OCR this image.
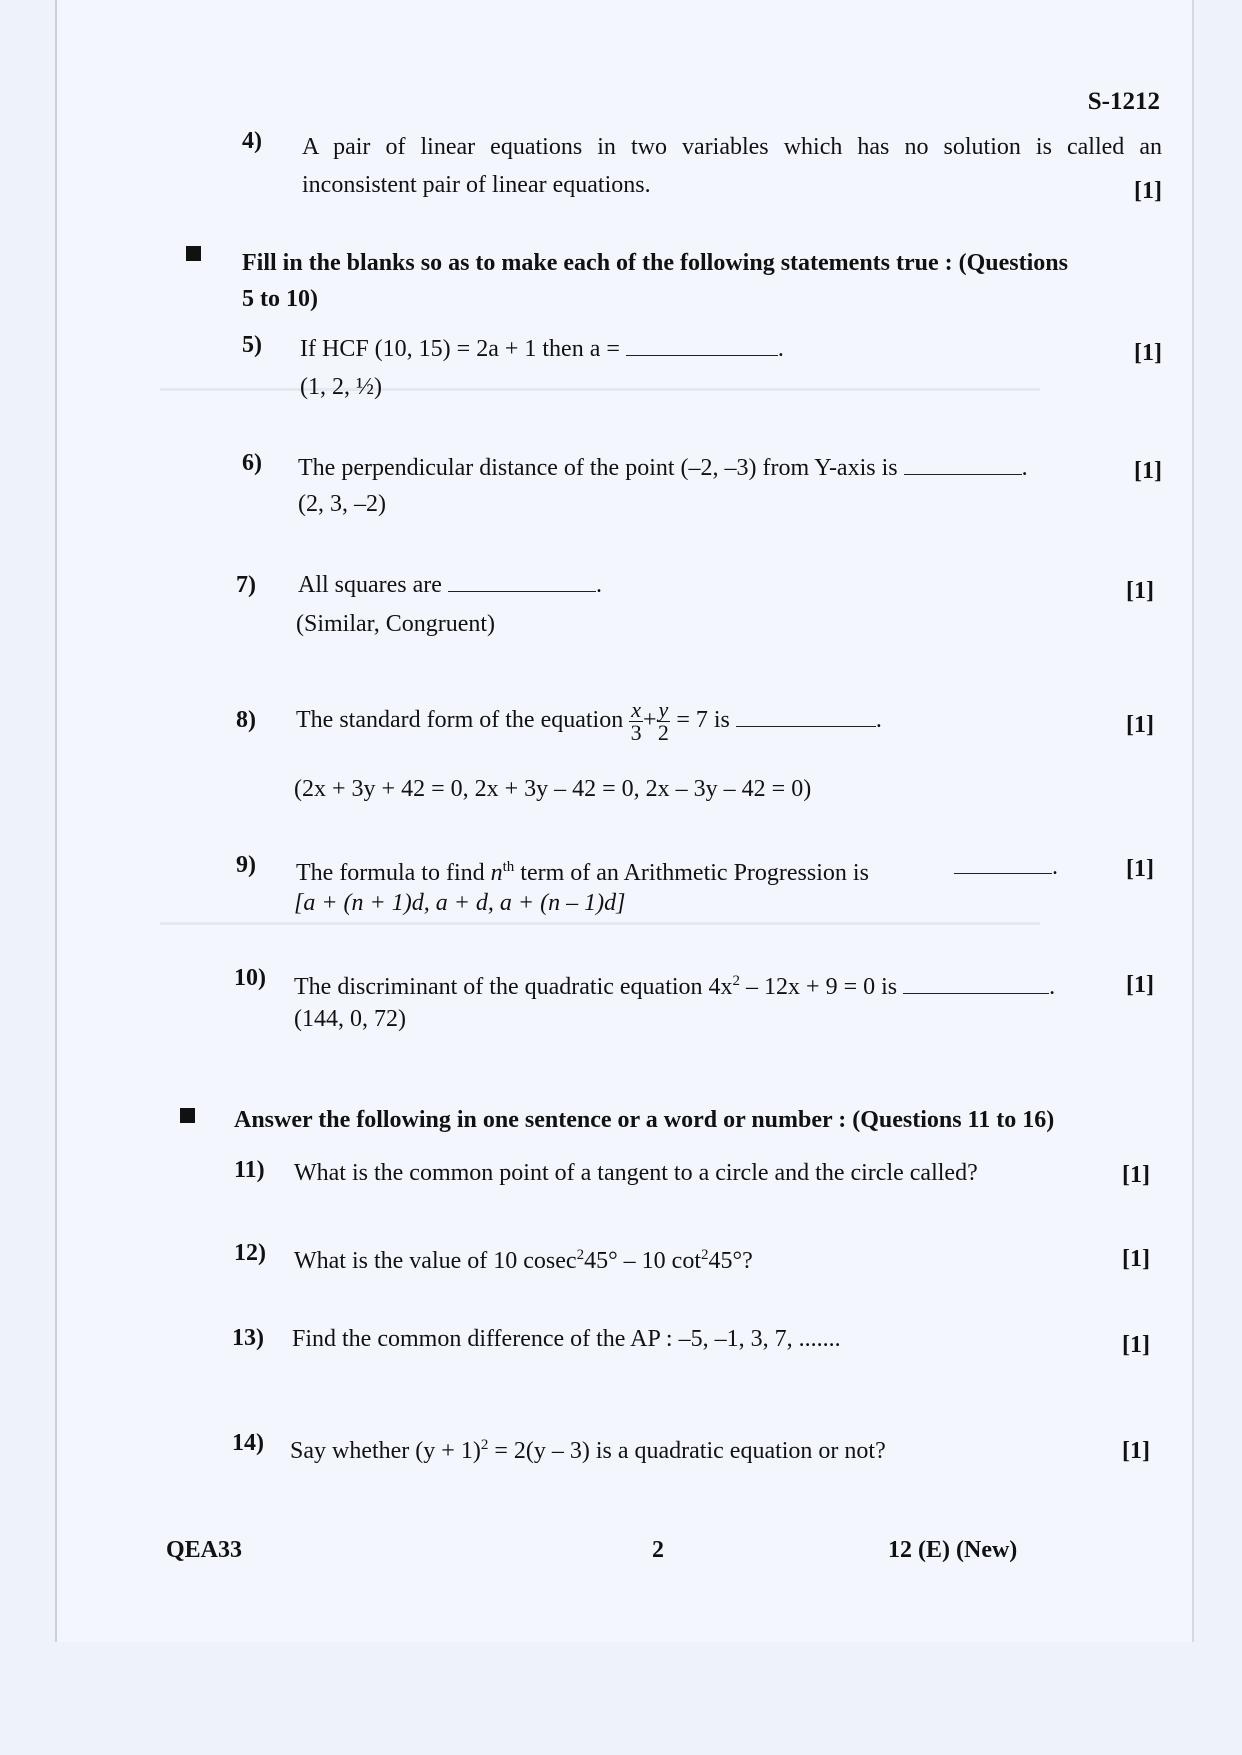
S-1212
4) A pair of linear equations in two variables which has no solution is called an
inconsistent pair of linear equations.	[1]
Fill in the blanks so as to make each of the following statements true : (Questions
5 to 10)
5) If HCF (10, 15) = 2a + 1 then a =	.
(1, 2, ½)
[1]
6) The perpendicular distance of the point (–2, –3) from Y-axis is	.
(2, 3, –2)
[1]
7) All squares are	.
(Similar, Congruent)
[1]
8) The standard form of the equation $\frac{x}{3} + \frac{y}{2} = 7$ is	.
(2x + 3y + 42 = 0, 2x + 3y – 42 = 0, 2x – 3y – 42 = 0)
[1]
9) The formula to find $n^{th}$ term of an Arithmetic Progression is	.
[a + (n + 1)d, a + d, a + (n – 1)d]
[1]
10) The discriminant of the quadratic equation $4x^2 - 12x + 9 = 0$ is	.
(144, 0, 72)
[1]
Answer the following in one sentence or a word or number : (Questions 11 to 16)
11) What is the common point of a tangent to a circle and the circle called?	[1]
12) What is the value of 10 cosec$^2$45° – 10 $\cot^245^\circ$?	[1]
13) Find the common difference of the AP : –5, –1, 3, 7, .......	[1]
14) Say whether $(y + 1)^2 = 2(y - 3)$ is a quadratic equation or not?	[1]
QEA33	2	12 (E) (New)
